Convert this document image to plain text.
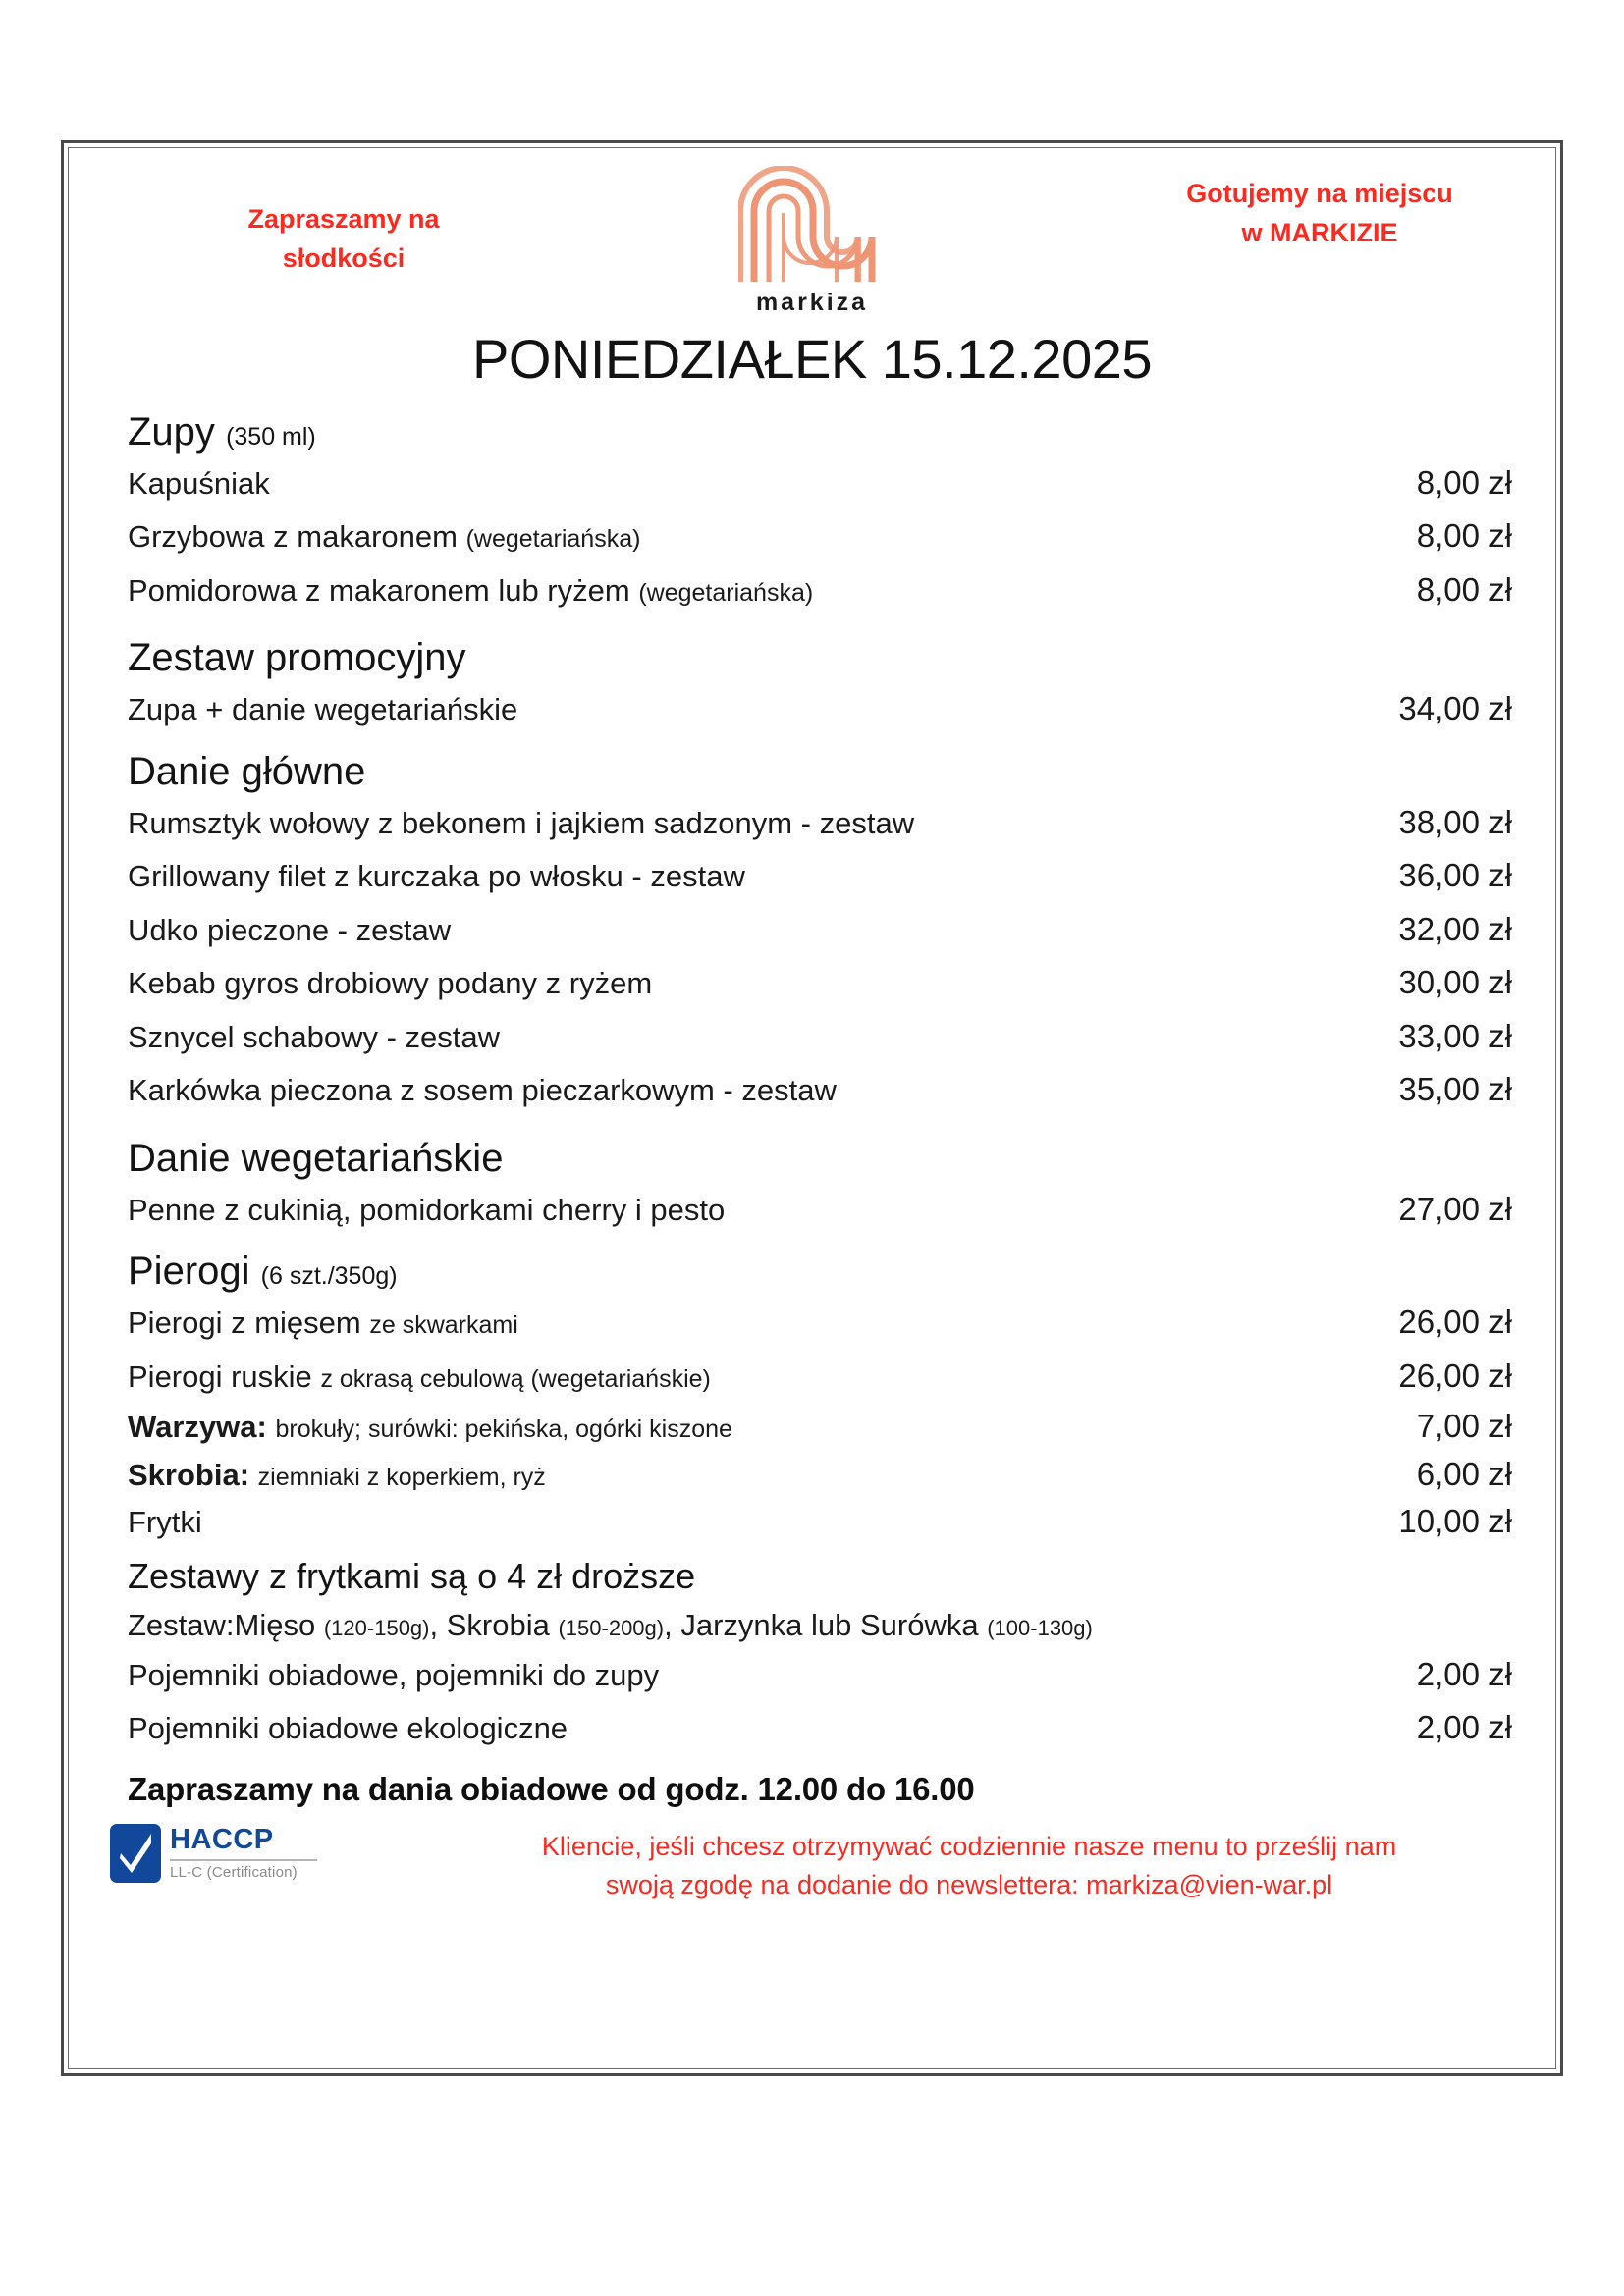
Zapraszamy na
słodkości
markiza
Gotujemy na miejscu
w MARKIZIE
PONIEDZIAŁEK 15.12.2025
Zupy (350 ml)
Kapuśniak	8,00 zł
Grzybowa z makaronem (wegetariańska)	8,00 zł
Pomidorowa z makaronem lub ryżem (wegetariańska)	8,00 zł
Zestaw promocyjny
Zupa + danie wegetariańskie	34,00 zł
Danie główne
Rumsztyk wołowy z bekonem i jajkiem sadzonym - zestaw	38,00 zł
Grillowany filet z kurczaka po włosku - zestaw	36,00 zł
Udko pieczone - zestaw	32,00 zł
Kebab gyros drobiowy podany z ryżem	30,00 zł
Sznycel schabowy - zestaw	33,00 zł
Karkówka pieczona z sosem pieczarkowym - zestaw	35,00 zł
Danie wegetariańskie
Penne z cukinią, pomidorkami cherry i pesto	27,00 zł
Pierogi (6 szt./350g)
Pierogi z mięsem ze skwarkami	26,00 zł
Pierogi ruskie z okrasą cebulową (wegetariańskie)	26,00 zł
Warzywa: brokuły; surówki: pekińska, ogórki kiszone	7,00 zł
Skrobia: ziemniaki z koperkiem, ryż	6,00 zł
Frytki	10,00 zł
Zestawy z frytkami są o 4 zł droższe
Zestaw:Mięso (120-150g), Skrobia (150-200g), Jarzynka lub Surówka (100-130g)
Pojemniki obiadowe, pojemniki do zupy	2,00 zł
Pojemniki obiadowe ekologiczne	2,00 zł
Zapraszamy na dania obiadowe od godz. 12.00 do 16.00
HACCP
LL-C (Certification)
Kliencie, jeśli chcesz otrzymywać codziennie nasze menu to prześlij nam
swoją zgodę na dodanie do newslettera: markiza@vien-war.pl
